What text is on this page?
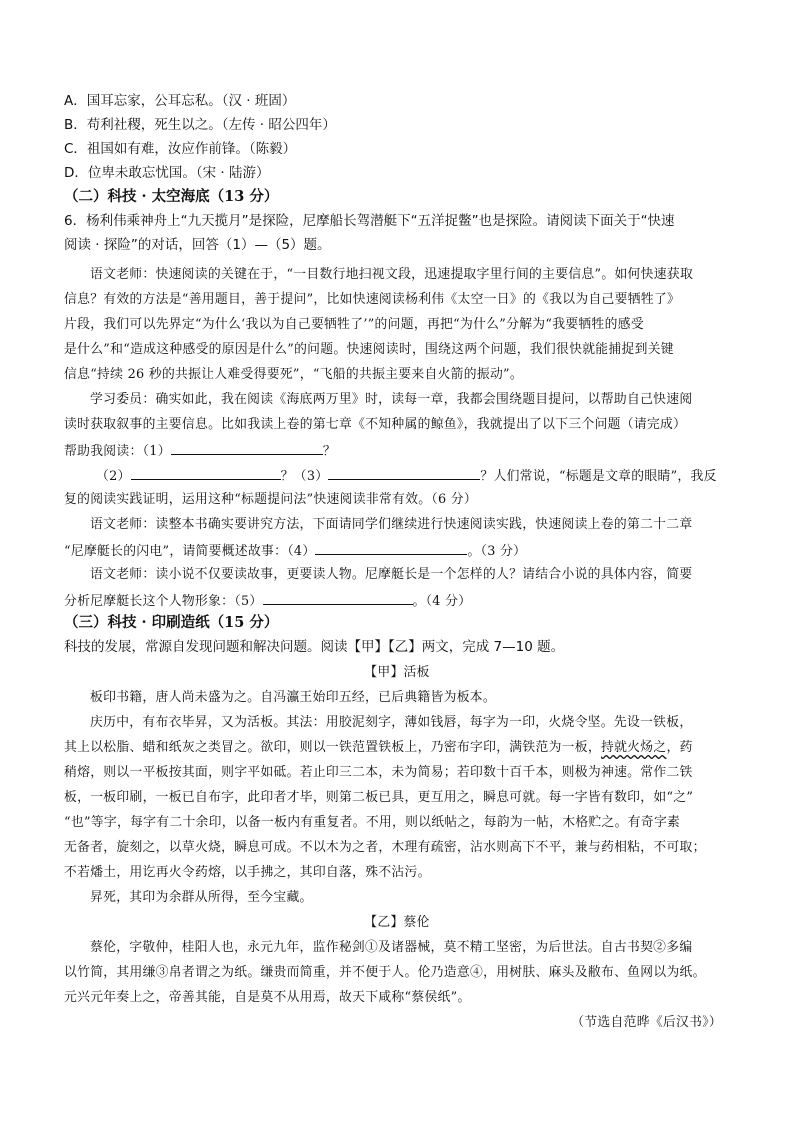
A．国耳忘家，公耳忘私。（汉 · 班固）
B．苟利社稷，死生以之。（左传 · 昭公四年）
C．祖国如有难，汝应作前锋。（陈毅）
D．位卑未敢忘忧国。（宋 · 陆游）
（二）科技 · 太空海底（13 分）
6．杨利伟乘神舟上“九天揽月”是探险，尼摩船长驾潜艇下“五洋捉鳖”也是探险。请阅读下面关于“快速
阅读 · 探险”的对话，回答（1）—（5）题。
语文老师：快速阅读的关键在于，“一目数行地扫视文段，迅速提取字里行间的主要信息”。如何快速获取
信息？有效的方法是“善用题目，善于提问”，比如快速阅读杨利伟《太空一日》的《我以为自己要牺牲了》
片段，我们可以先界定“为什么‘我以为自己要牺牲了’”的问题，再把“为什么”分解为“我要牺牲的感受
是什么”和“造成这种感受的原因是什么”的问题。快速阅读时，围绕这两个问题，我们很快就能捕捉到关键
信息“持续 26 秒的共振让人难受得要死”，“飞船的共振主要来自火箭的振动”。
学习委员：确实如此，我在阅读《海底两万里》时，读每一章，我都会围绕题目提问，以帮助自己快速阅
读时获取叙事的主要信息。比如我读上卷的第七章《不知种属的鲸鱼》，我就提出了以下三个问题（请完成）
帮助我阅读：（1）	？
（2）	？（3）	？人们常说，“标题是文章的眼睛”，我反
复的阅读实践证明，运用这种“标题提问法”快速阅读非常有效。（6 分）
语文老师：读整本书确实要讲究方法，下面请同学们继续进行快速阅读实践，快速阅读上卷的第二十二章
“尼摩艇长的闪电”，请简要概述故事：（4）	。（3 分）
语文老师：读小说不仅要读故事，更要读人物。尼摩艇长是一个怎样的人？请结合小说的具体内容，简要
分析尼摩艇长这个人物形象：（5）	。（4 分）
（三）科技 · 印刷造纸（15 分）
科技的发展，常源自发现问题和解决问题。阅读【甲】【乙】两文，完成 7—10 题。
【甲】活板
板印书籍，唐人尚未盛为之。自冯瀛王始印五经，已后典籍皆为板本。
庆历中，有布衣毕昇，又为活板。其法：用胶泥刻字，薄如钱唇，每字为一印，火烧令坚。先设一铁板，
其上以松脂、蜡和纸灰之类冒之。欲印，则以一铁范置铁板上，乃密布字印，满铁范为一板，持就火炀之，药
稍熔，则以一平板按其面，则字平如砥。若止印三二本，未为简易；若印数十百千本，则极为神速。常作二铁
板，一板印刷，一板已自布字，此印者才毕，则第二板已具，更互用之，瞬息可就。每一字皆有数印，如“之”
“也”等字，每字有二十余印，以备一板内有重复者。不用，则以纸帖之，每韵为一帖，木格贮之。有奇字素
无备者，旋刻之，以草火烧，瞬息可成。不以木为之者，木理有疏密，沾水则高下不平，兼与药相粘，不可取；
不若燔土，用讫再火令药熔，以手拂之，其印自落，殊不沾污。
昇死，其印为余群从所得，至今宝藏。
【乙】蔡伦
蔡伦，字敬仲，桂阳人也，永元九年，监作秘剑①及诸器械，莫不精工坚密，为后世法。自古书契②多编
以竹简，其用缣③帛者谓之为纸。缣贵而简重，并不便于人。伦乃造意④，用树肤、麻头及敝布、鱼网以为纸。
元兴元年奏上之，帝善其能，自是莫不从用焉，故天下咸称“蔡侯纸”。
（节选自范晔《后汉书》）
